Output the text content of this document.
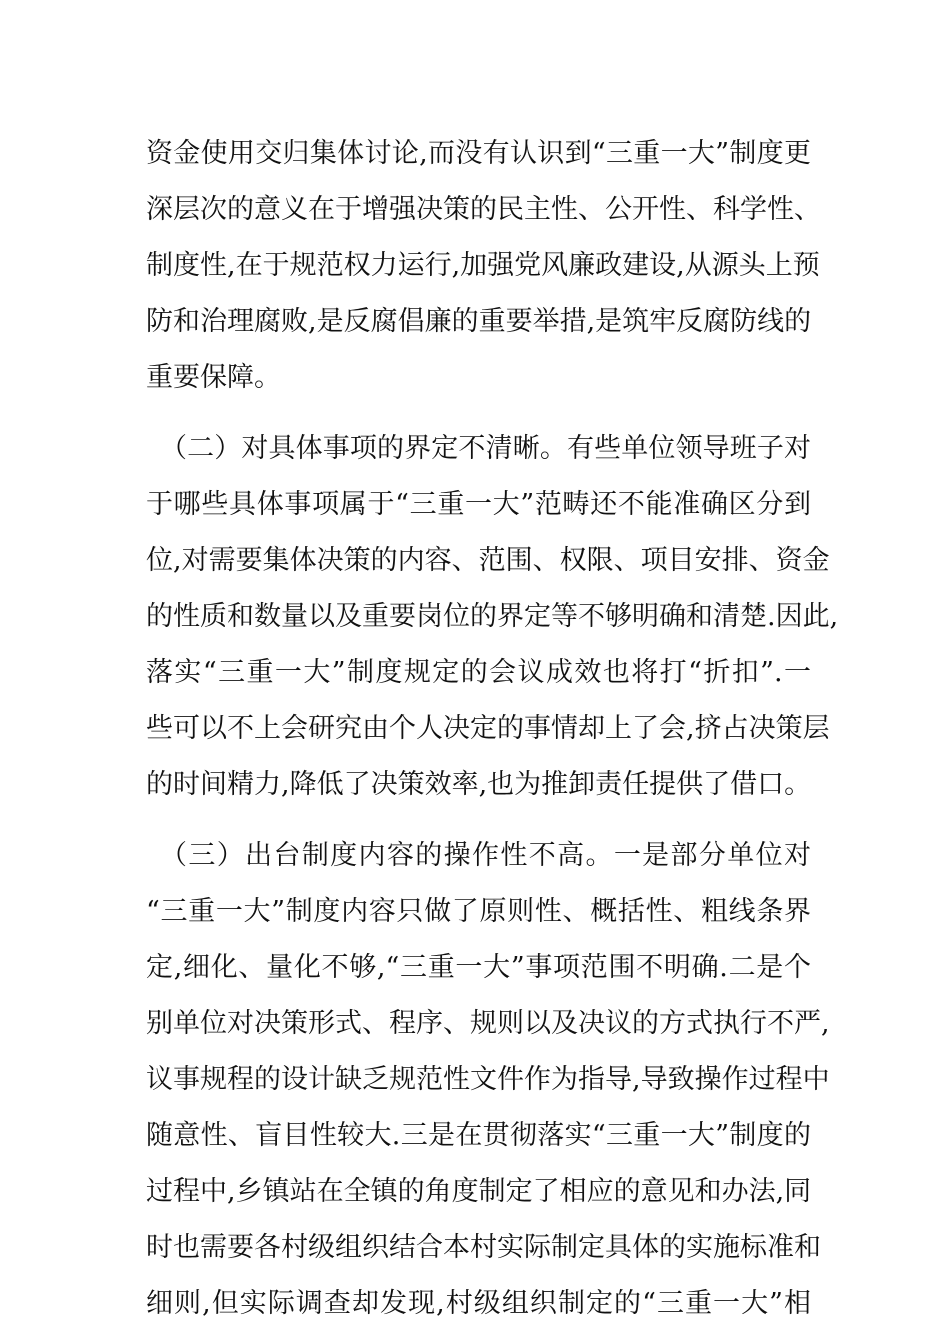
资金使用交归集体讨论,而没有认识到“三重一大”制度更
深层次的意义在于增强决策的民主性、公开性、科学性、
制度性,在于规范权力运行,加强党风廉政建设,从源头上预
防和治理腐败,是反腐倡廉的重要举措,是筑牢反腐防线的
重要保障。
（二）对具体事项的界定不清晰。有些单位领导班子对
于哪些具体事项属于“三重一大”范畴还不能准确区分到
位,对需要集体决策的内容、范围、权限、项目安排、资金
的性质和数量以及重要岗位的界定等不够明确和清楚.因此,
落实“三重一大”制度规定的会议成效也将打“折扣”.一
些可以不上会研究由个人决定的事情却上了会,挤占决策层
的时间精力,降低了决策效率,也为推卸责任提供了借口。
（三）出台制度内容的操作性不高。一是部分单位对
“三重一大”制度内容只做了原则性、概括性、粗线条界
定,细化、量化不够,“三重一大”事项范围不明确.二是个
别单位对决策形式、程序、规则以及决议的方式执行不严,
议事规程的设计缺乏规范性文件作为指导,导致操作过程中
随意性、盲目性较大.三是在贯彻落实“三重一大”制度的
过程中,乡镇站在全镇的角度制定了相应的意见和办法,同
时也需要各村级组织结合本村实际制定具体的实施标准和
细则,但实际调查却发现,村级组织制定的“三重一大”相
